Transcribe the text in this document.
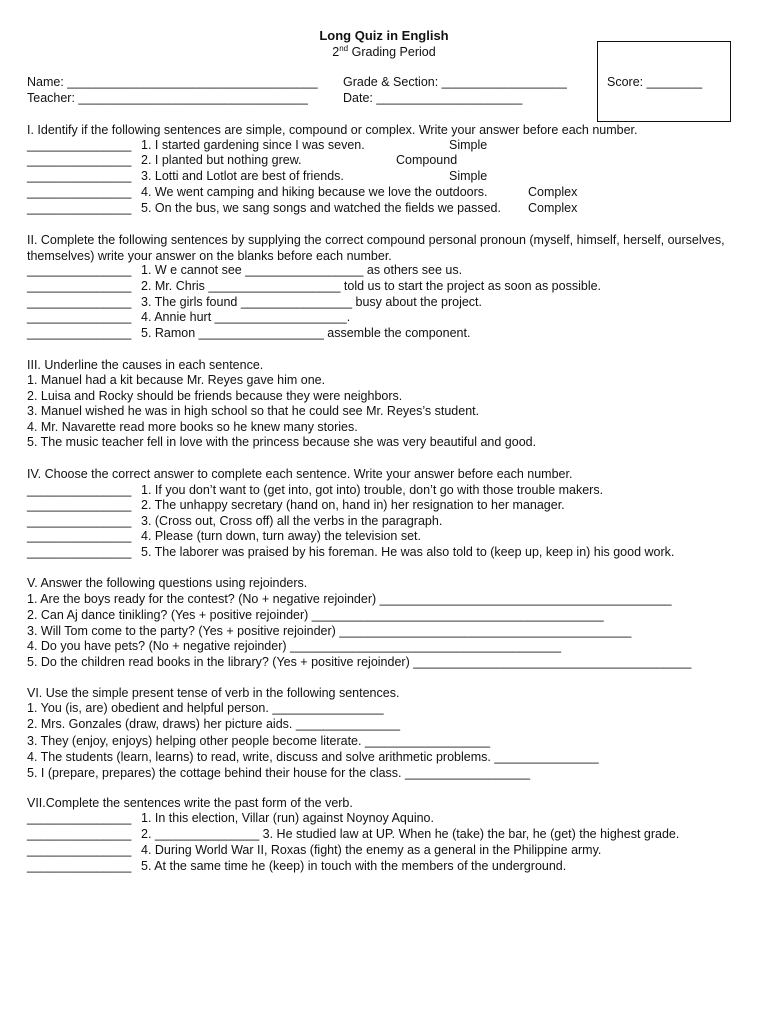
Long Quiz in English
2nd Grading Period
Name: ____________________________________ Grade & Section: __________________	Score: ________
Teacher: _________________________________	Date: _____________________
I. Identify if the following sentences are simple, compound or complex. Write your answer before each number.
_______________ 1. I started gardening since I was seven.	Simple
_______________ 2. I planted but nothing grew.	Compound
_______________ 3. Lotti and Lotlot are best of friends.	Simple
_______________ 4. We went camping and hiking because we love the outdoors.	Complex
_______________ 5. On the bus, we sang songs and watched the fields we passed. Complex
II. Complete the following sentences by supplying the correct compound personal pronoun (myself, himself, herself, ourselves, themselves) write your answer on the blanks before each number.
_______________ 1. W e cannot see _________________ as others see us.
_______________ 2. Mr. Chris ___________________ told us to start the project as soon as possible.
_______________ 3. The girls found ________________ busy about the project.
_______________ 4. Annie hurt ___________________.
_______________ 5. Ramon __________________ assemble the component.
III. Underline the causes in each sentence.
1. Manuel had a kit because Mr. Reyes gave him one.
2. Luisa and Rocky should be friends because they were neighbors.
3. Manuel wished he was in high school so that he could see Mr. Reyes’s student.
4. Mr. Navarette read more books so he knew many stories.
5. The music teacher fell in love with the princess because she was very beautiful and good.
IV. Choose the correct answer to complete each sentence. Write your answer before each number.
_______________ 1. If you don’t want to (get into, got into) trouble, don’t go with those trouble makers.
_______________ 2. The unhappy secretary (hand on, hand in) her resignation to her manager.
_______________ 3. (Cross out, Cross off) all the verbs in the paragraph.
_______________ 4. Please (turn down, turn away) the television set.
_______________ 5. The laborer was praised by his foreman. He was also told to (keep up, keep in) his good work.
V. Answer the following questions using rejoinders.
1. Are the boys ready for the contest? (No + negative rejoinder) __________________________________________
2. Can Aj dance tinikling? (Yes + positive rejoinder) __________________________________________
3. Will Tom come to the party? (Yes + positive rejoinder) __________________________________________
4. Do you have pets? (No + negative rejoinder) _______________________________________
5. Do the children read books in the library? (Yes + positive rejoinder) ________________________________________
VI. Use the simple present tense of verb in the following sentences.
1. You (is, are) obedient and helpful person. ________________
2. Mrs. Gonzales (draw, draws) her picture aids. _______________
3. They (enjoy, enjoys) helping other people become literate. __________________
4. The students (learn, learns) to read, write, discuss and solve arithmetic problems. _______________
5. I (prepare, prepares) the cottage behind their house for the class. __________________
VII.Complete the sentences write the past form of the verb.
_______________ 1. In this election, Villar (run) against Noynoy Aquino.
_______________ 2. _______________ 3. He studied law at UP. When he (take) the bar, he (get) the highest grade.
_______________ 4. During World War II, Roxas (fight) the enemy as a general in the Philippine army.
_______________ 5. At the same time he (keep) in touch with the members of the underground.
